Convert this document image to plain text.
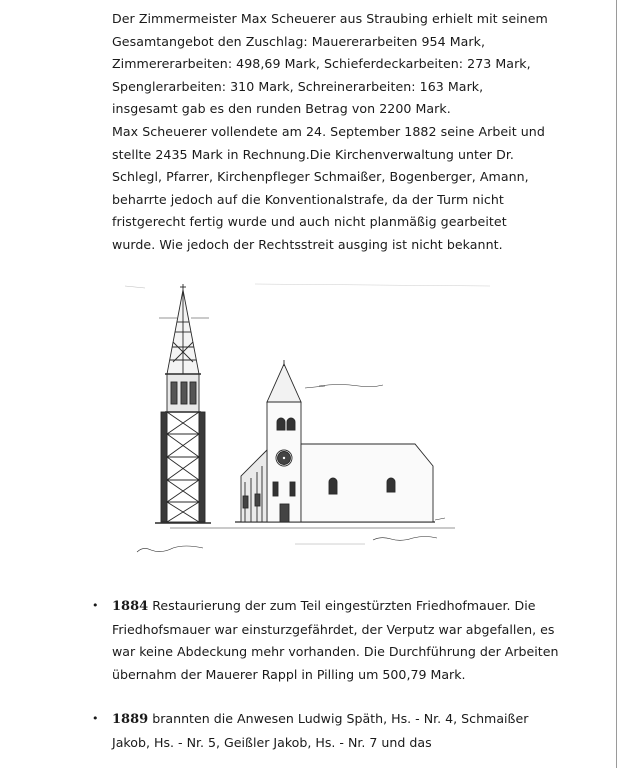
Der Zimmermeister Max Scheuerer aus Straubing erhielt mit seinem

Gesamtangebot den Zuschlag: Mauererarbeiten 954 Mark,

Zimmererarbeiten: 498,69 Mark, Schieferdeckarbeiten: 273 Mark,

Spenglerarbeiten: 310 Mark, Schreinerarbeiten: 163 Mark,

insgesamt gab es den runden Betrag von 2200 Mark.

Max Scheuerer vollendete am 24. September 1882 seine Arbeit und

stellte 2435 Mark in Rechnung.Die Kirchenverwaltung unter Dr.

Schlegl, Pfarrer, Kirchenpfleger Schmaißer, Bogenberger, Amann,

beharrte jedoch auf die Konventionalstrafe, da der Turm nicht

fristgerecht fertig wurde und auch nicht planmäßig gearbeitet

wurde. Wie jedoch der Rechtsstreit ausging ist nicht bekannt.

• 1884 Restaurierung der zum Teil eingestürzten Friedhofmauer. Die Friedhofsmauer war einsturzgefährdet, der Verputz war abgefallen, es war keine Abdeckung mehr vorhanden. Die Durchführung der Arbeiten übernahm der Mauerer Rappl in Pilling um 500,79 Mark.
• 1889 brannten die Anwesen Ludwig Späth, Hs. - Nr. 4, Schmaißer Jakob, Hs. - Nr. 5, Geißler Jakob, Hs. - Nr. 7 und das
